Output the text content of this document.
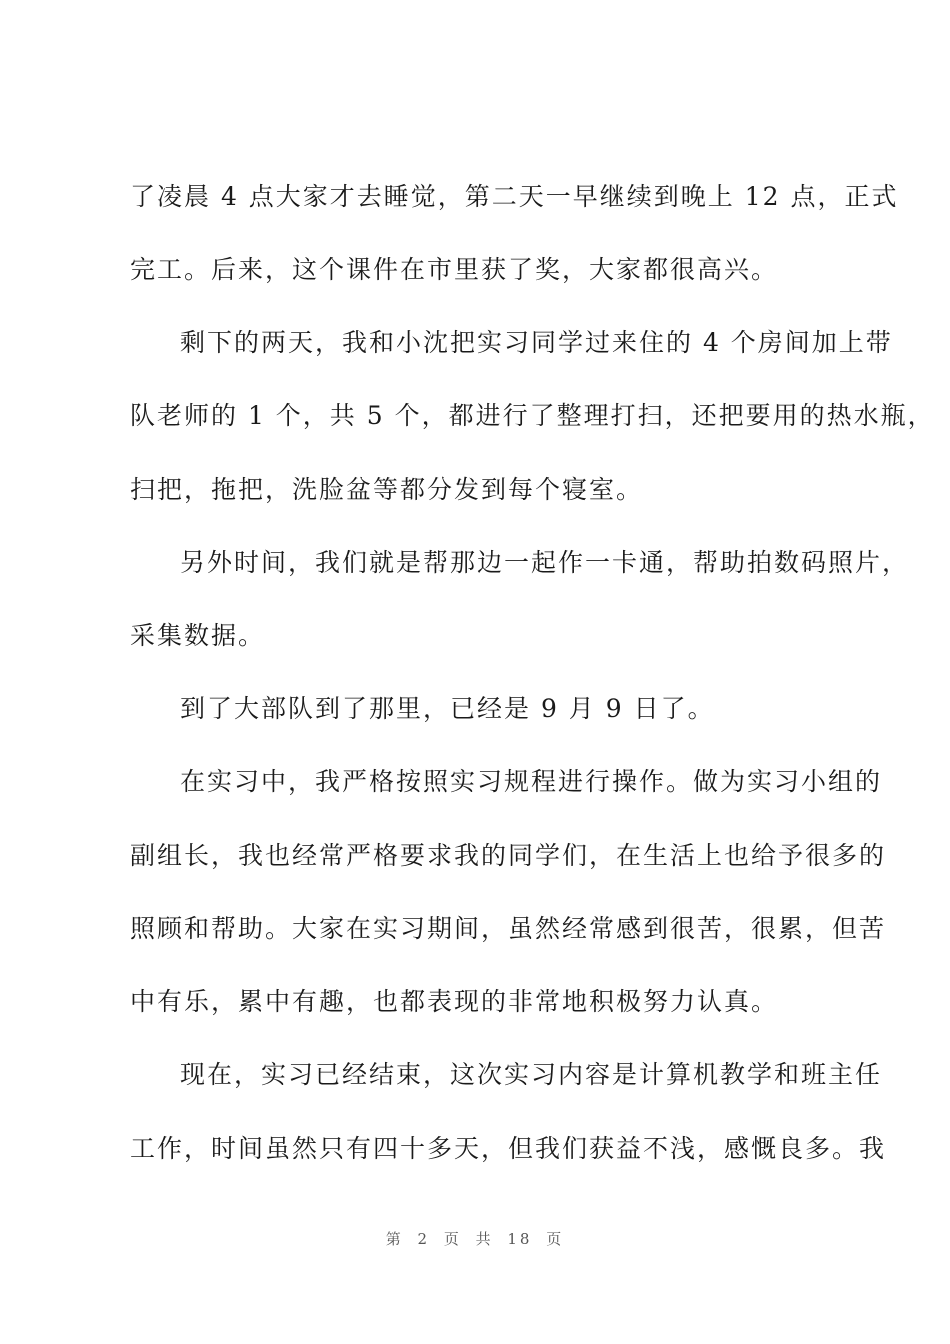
了凌晨 4 点大家才去睡觉，第二天一早继续到晚上 12 点，正式
完工。后来，这个课件在市里获了奖，大家都很高兴。
剩下的两天，我和小沈把实习同学过来住的 4 个房间加上带
队老师的 1 个，共 5 个，都进行了整理打扫，还把要用的热水瓶，
扫把，拖把，洗脸盆等都分发到每个寝室。
另外时间，我们就是帮那边一起作一卡通，帮助拍数码照片，
采集数据。
到了大部队到了那里，已经是 9 月 9 日了。
在实习中，我严格按照实习规程进行操作。做为实习小组的
副组长，我也经常严格要求我的同学们，在生活上也给予很多的
照顾和帮助。大家在实习期间，虽然经常感到很苦，很累，但苦
中有乐，累中有趣，也都表现的非常地积极努力认真。
现在，实习已经结束，这次实习内容是计算机教学和班主任
工作，时间虽然只有四十多天，但我们获益不浅，感慨良多。我
第 2 页 共 18 页
